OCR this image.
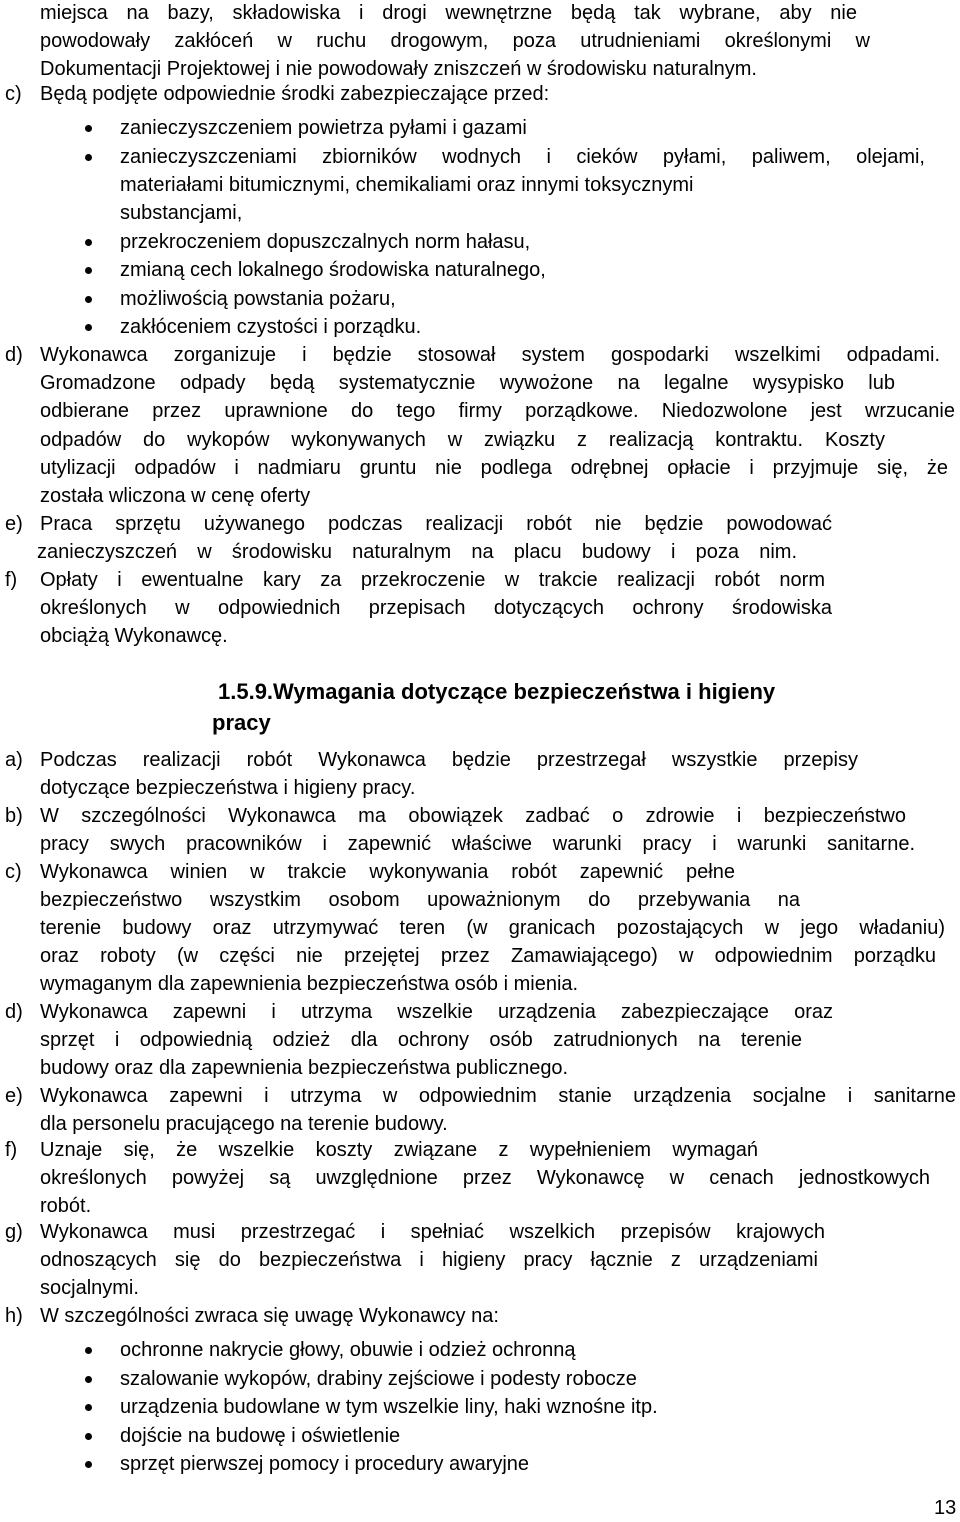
miejsca na bazy, składowiska i drogi wewnętrzne będą tak wybrane, aby nie
powodowały zakłóceń w ruchu drogowym, poza utrudnieniami określonymi w
Dokumentacji Projektowej i nie powodowały zniszczeń w środowisku naturalnym.
c) Będą podjęte odpowiednie środki zabezpieczające przed:
zanieczyszczeniem powietrza pyłami i gazami
zanieczyszczeniami zbiorników wodnych i cieków pyłami, paliwem, olejami,
materiałami bitumicznymi, chemikaliami oraz innymi toksycznymi
substancjami,
przekroczeniem dopuszczalnych norm hałasu,
zmianą cech lokalnego środowiska naturalnego,
możliwością powstania pożaru,
zakłóceniem czystości i porządku.
d) Wykonawca zorganizuje i będzie stosował system gospodarki wszelkimi odpadami.
Gromadzone odpady będą systematycznie wywożone na legalne wysypisko lub
odbierane przez uprawnione do tego firmy porządkowe. Niedozwolone jest wrzucanie
odpadów do wykopów wykonywanych w związku z realizacją kontraktu. Koszty
utylizacji odpadów i nadmiaru gruntu nie podlega odrębnej opłacie i przyjmuje się, że
została wliczona w cenę oferty
e) Praca sprzętu używanego podczas realizacji robót nie będzie powodować
zanieczyszczeń w środowisku naturalnym na placu budowy i poza nim.
f) Opłaty i ewentualne kary za przekroczenie w trakcie realizacji robót norm
określonych w odpowiednich przepisach dotyczących ochrony środowiska
obciążą Wykonawcę.
1.5.9.Wymagania dotyczące bezpieczeństwa i higieny
pracy
a) Podczas realizacji robót Wykonawca będzie przestrzegał wszystkie przepisy
dotyczące bezpieczeństwa i higieny pracy.
b) W szczególności Wykonawca ma obowiązek zadbać o zdrowie i bezpieczeństwo
pracy swych pracowników i zapewnić właściwe warunki pracy i warunki sanitarne.
c) Wykonawca winien w trakcie wykonywania robót zapewnić pełne
bezpieczeństwo wszystkim osobom upoważnionym do przebywania na
terenie budowy oraz utrzymywać teren (w granicach pozostających w jego władaniu)
oraz roboty (w części nie przejętej przez Zamawiającego) w odpowiednim porządku
wymaganym dla zapewnienia bezpieczeństwa osób i mienia.
d) Wykonawca zapewni i utrzyma wszelkie urządzenia zabezpieczające oraz
sprzęt i odpowiednią odzież dla ochrony osób zatrudnionych na terenie
budowy oraz dla zapewnienia bezpieczeństwa publicznego.
e) Wykonawca zapewni i utrzyma w odpowiednim stanie urządzenia socjalne i sanitarne
dla personelu pracującego na terenie budowy.
f) Uznaje się, że wszelkie koszty związane z wypełnieniem wymagań
określonych powyżej są uwzględnione przez Wykonawcę w cenach jednostkowych
robót.
g) Wykonawca musi przestrzegać i spełniać wszelkich przepisów krajowych
odnoszących się do bezpieczeństwa i higieny pracy łącznie z urządzeniami
socjalnymi.
h) W szczególności zwraca się uwagę Wykonawcy na:
ochronne nakrycie głowy, obuwie i odzież ochronną
szalowanie wykopów, drabiny zejściowe i podesty robocze
urządzenia budowlane w tym wszelkie liny, haki wznośne itp.
dojście na budowę i oświetlenie
sprzęt pierwszej pomocy i procedury awaryjne
13
